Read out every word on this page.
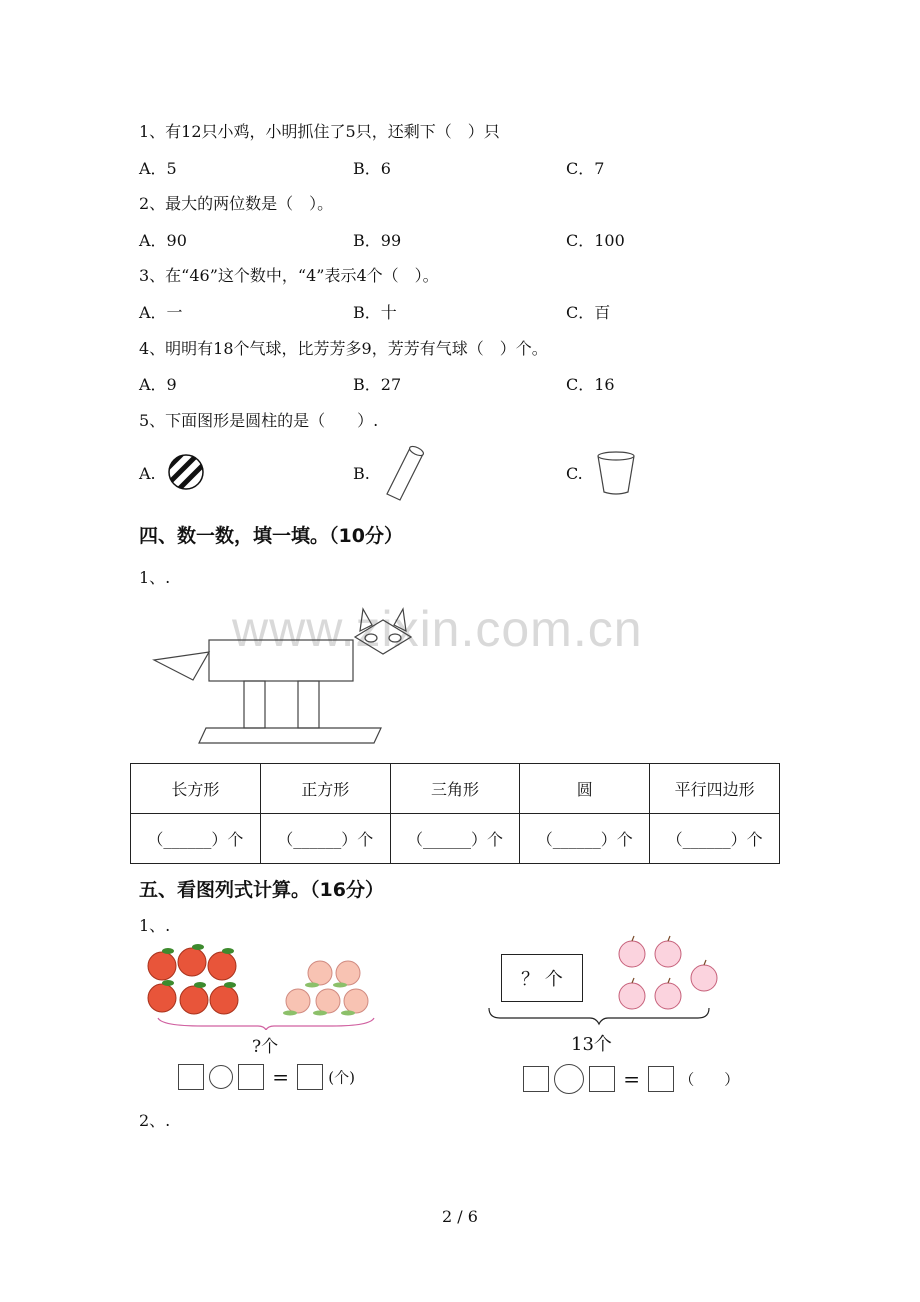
1、有12只小鸡，小明抓住了5只，还剩下（　）只
A．5	B．6	C．7
2、最大的两位数是（　）。
A．90	B．99	C．100
3、在“46”这个数中，“4”表示4个（　）。
A．一	B．十	C．百
4、明明有18个气球，比芳芳多9，芳芳有气球（　）个。
A．9	B．27	C．16
5、下面图形是圆柱的是（　　）.
A.	B.	C.
四、数一数，填一填。（10分）
1、.
www.zixin.com.cn
长方形	正方形	三角形	圆	平行四边形
（______）个	（______）个	（______）个	（______）个	（______）个
五、看图列式计算。（16分）
1、.
?个
=	(个)
？ 个
13个
=	（　　）
2、.
2 / 6
